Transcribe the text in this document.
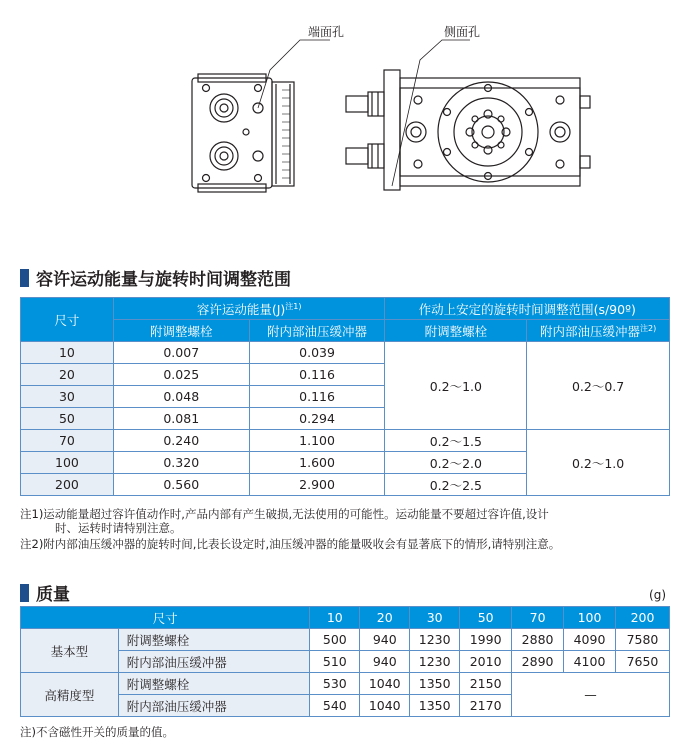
端面孔	侧面孔
容许运动能量与旋转时间调整范围
尺寸	容许运动能量$(J)^{注1)}$		作动上安定的旋转时间调整范围(s/90º)	
	附调整螺栓	附内部油压缓冲器	附调整螺栓	附内部油压缓冲器$^{注2)}$
10	0.007	0.039	0.2～1.0	0.2～0.7
20	0.025	0.116		
30	0.048	0.116		
50	0.081	0.294		
70	0.240	1.100	0.2～1.5	0.2～1.0
100	0.320	1.600	0.2～2.0	
200	0.560	2.900	0.2～2.5	
注1)运动能量超过容许值动作时,产品内部有产生破损,无法使用的可能性。运动能量不要超过容许值,设计
时、运转时请特别注意。
注2)附内部油压缓冲器的旋转时间,比表长设定时,油压缓冲器的能量吸收会有显著底下的情形,请特别注意。
质量	(g)
尺寸		10	20	30	50	70	100	200
基本型	附调整螺栓	500	940	1230	1990	2880	4090	7580
	附内部油压缓冲器	510	940	1230	2010	2890	4100	7650
高精度型	附调整螺栓	530	1040	1350	2150	—		
	附内部油压缓冲器	540	1040	1350	2170			
注)不含磁性开关的质量的值。
